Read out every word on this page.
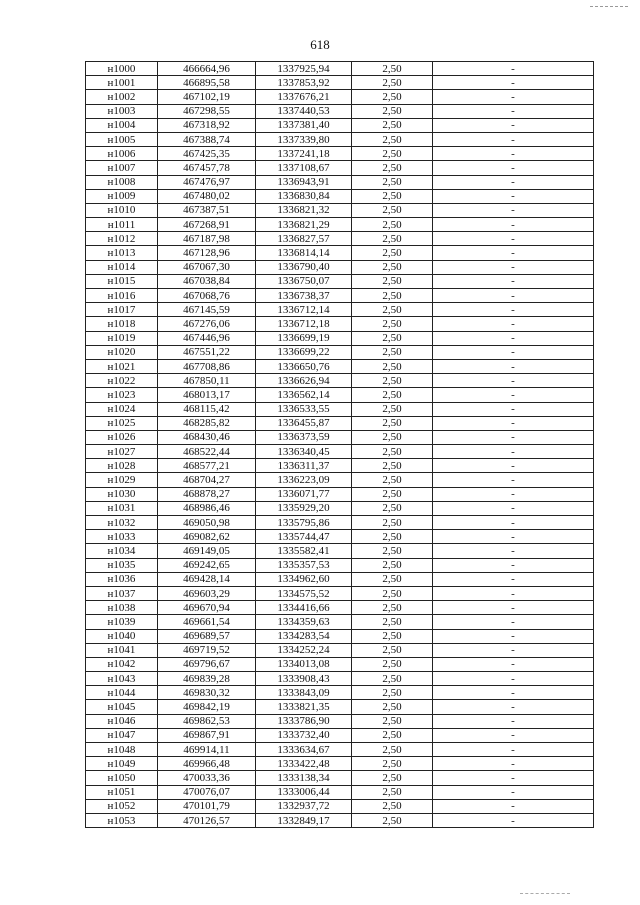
618
н1000	466664,96	1337925,94	2,50	-
н1001	466895,58	1337853,92	2,50	-
н1002	467102,19	1337676,21	2,50	-
н1003	467298,55	1337440,53	2,50	-
н1004	467318,92	1337381,40	2,50	-
н1005	467388,74	1337339,80	2,50	-
н1006	467425,35	1337241,18	2,50	-
н1007	467457,78	1337108,67	2,50	-
н1008	467476,97	1336943,91	2,50	-
н1009	467480,02	1336830,84	2,50	-
н1010	467387,51	1336821,32	2,50	-
н1011	467268,91	1336821,29	2,50	-
н1012	467187,98	1336827,57	2,50	-
н1013	467128,96	1336814,14	2,50	-
н1014	467067,30	1336790,40	2,50	-
н1015	467038,84	1336750,07	2,50	-
н1016	467068,76	1336738,37	2,50	-
н1017	467145,59	1336712,14	2,50	-
н1018	467276,06	1336712,18	2,50	-
н1019	467446,96	1336699,19	2,50	-
н1020	467551,22	1336699,22	2,50	-
н1021	467708,86	1336650,76	2,50	-
н1022	467850,11	1336626,94	2,50	-
н1023	468013,17	1336562,14	2,50	-
н1024	468115,42	1336533,55	2,50	-
н1025	468285,82	1336455,87	2,50	-
н1026	468430,46	1336373,59	2,50	-
н1027	468522,44	1336340,45	2,50	-
н1028	468577,21	1336311,37	2,50	-
н1029	468704,27	1336223,09	2,50	-
н1030	468878,27	1336071,77	2,50	-
н1031	468986,46	1335929,20	2,50	-
н1032	469050,98	1335795,86	2,50	-
н1033	469082,62	1335744,47	2,50	-
н1034	469149,05	1335582,41	2,50	-
н1035	469242,65	1335357,53	2,50	-
н1036	469428,14	1334962,60	2,50	-
н1037	469603,29	1334575,52	2,50	-
н1038	469670,94	1334416,66	2,50	-
н1039	469661,54	1334359,63	2,50	-
н1040	469689,57	1334283,54	2,50	-
н1041	469719,52	1334252,24	2,50	-
н1042	469796,67	1334013,08	2,50	-
н1043	469839,28	1333908,43	2,50	-
н1044	469830,32	1333843,09	2,50	-
н1045	469842,19	1333821,35	2,50	-
н1046	469862,53	1333786,90	2,50	-
н1047	469867,91	1333732,40	2,50	-
н1048	469914,11	1333634,67	2,50	-
н1049	469966,48	1333422,48	2,50	-
н1050	470033,36	1333138,34	2,50	-
н1051	470076,07	1333006,44	2,50	-
н1052	470101,79	1332937,72	2,50	-
н1053	470126,57	1332849,17	2,50	-
